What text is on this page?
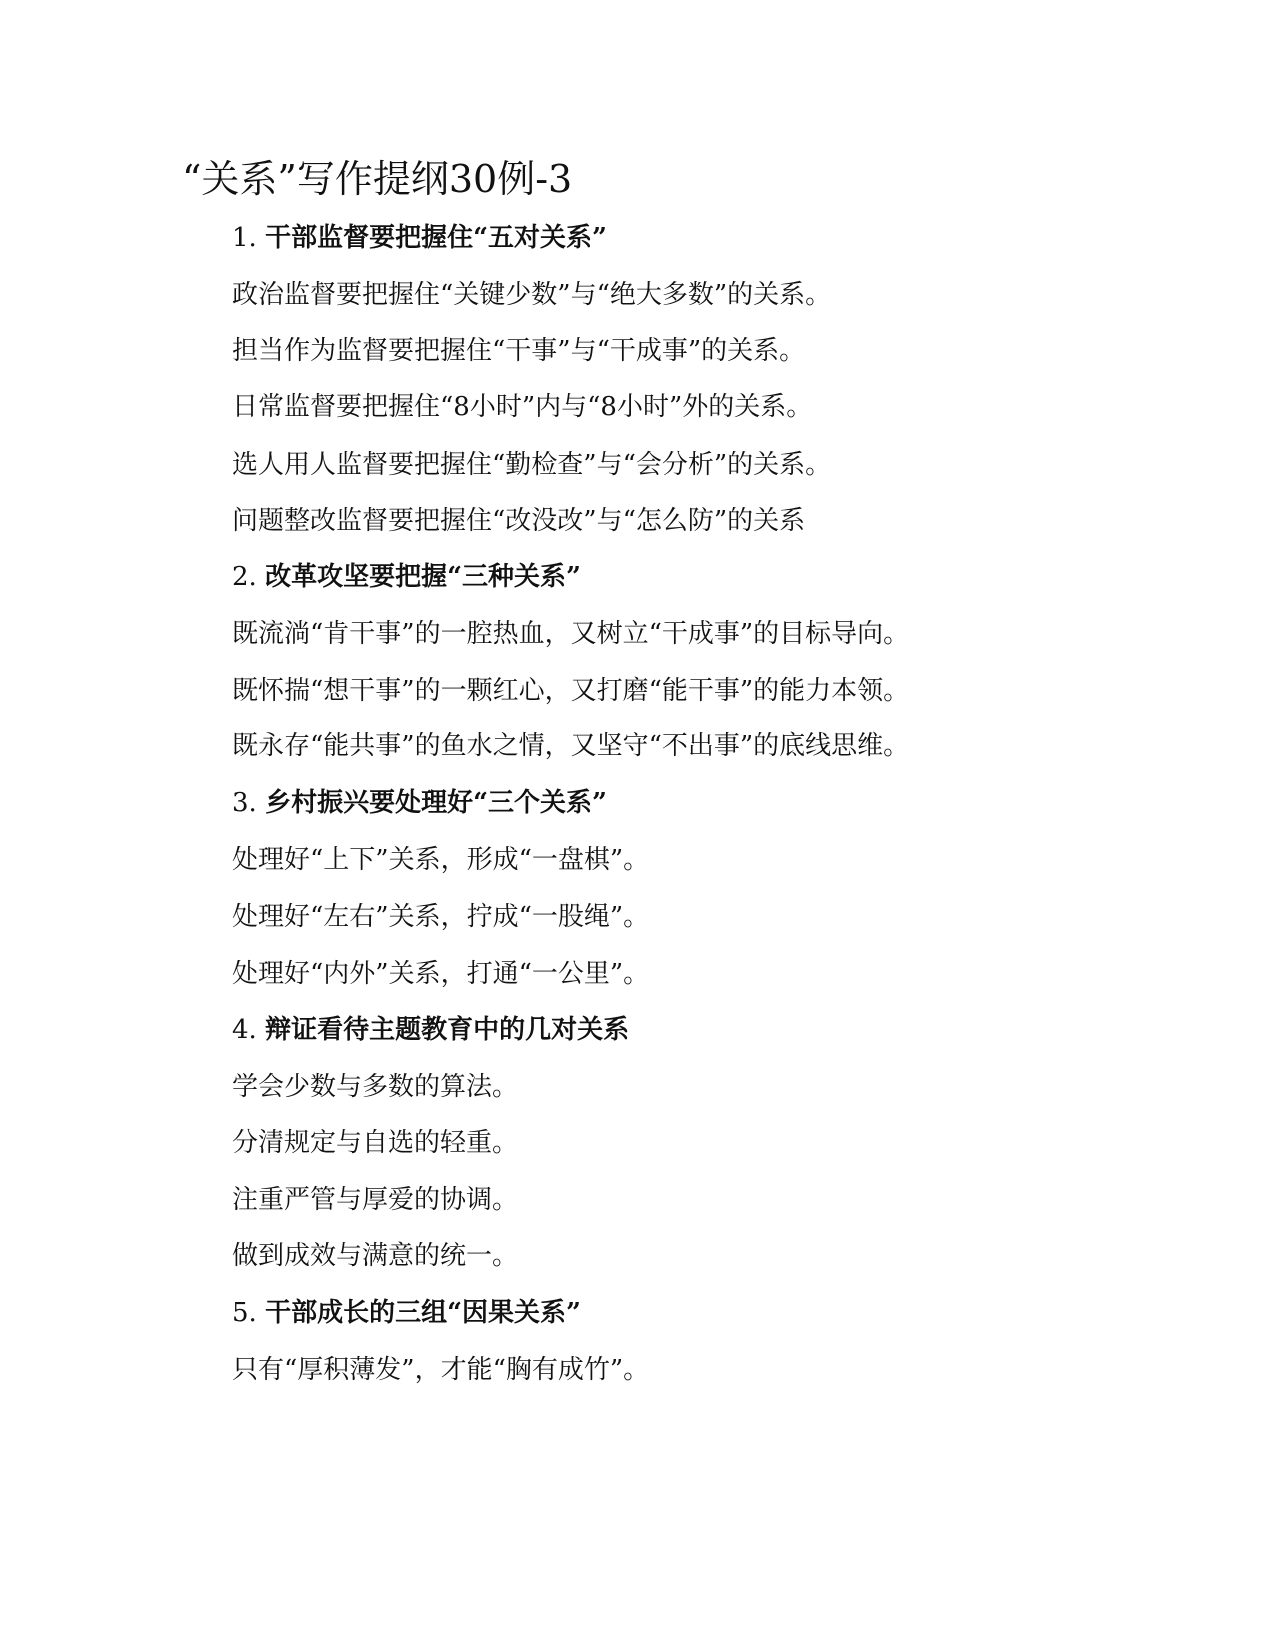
“关系”写作提纲30例-3

1. 干部监督要把握住“五对关系”

政治监督要把握住“关键少数”与“绝大多数”的关系。

担当作为监督要把握住“干事”与“干成事”的关系。

日常监督要把握住“8小时”内与“8小时”外的关系。

选人用人监督要把握住“勤检查”与“会分析”的关系。

问题整改监督要把握住“改没改”与“怎么防”的关系

2. 改革攻坚要把握“三种关系”

既流淌“肯干事”的一腔热血，又树立“干成事”的目标导向。

既怀揣“想干事”的一颗红心，又打磨“能干事”的能力本领。

既永存“能共事”的鱼水之情，又坚守“不出事”的底线思维。

3. 乡村振兴要处理好“三个关系”

处理好“上下”关系，形成“一盘棋”。

处理好“左右”关系，拧成“一股绳”。

处理好“内外”关系，打通“一公里”。

4. 辩证看待主题教育中的几对关系

学会少数与多数的算法。

分清规定与自选的轻重。

注重严管与厚爱的协调。

做到成效与满意的统一。

5. 干部成长的三组“因果关系”

只有“厚积薄发”，才能“胸有成竹”。
